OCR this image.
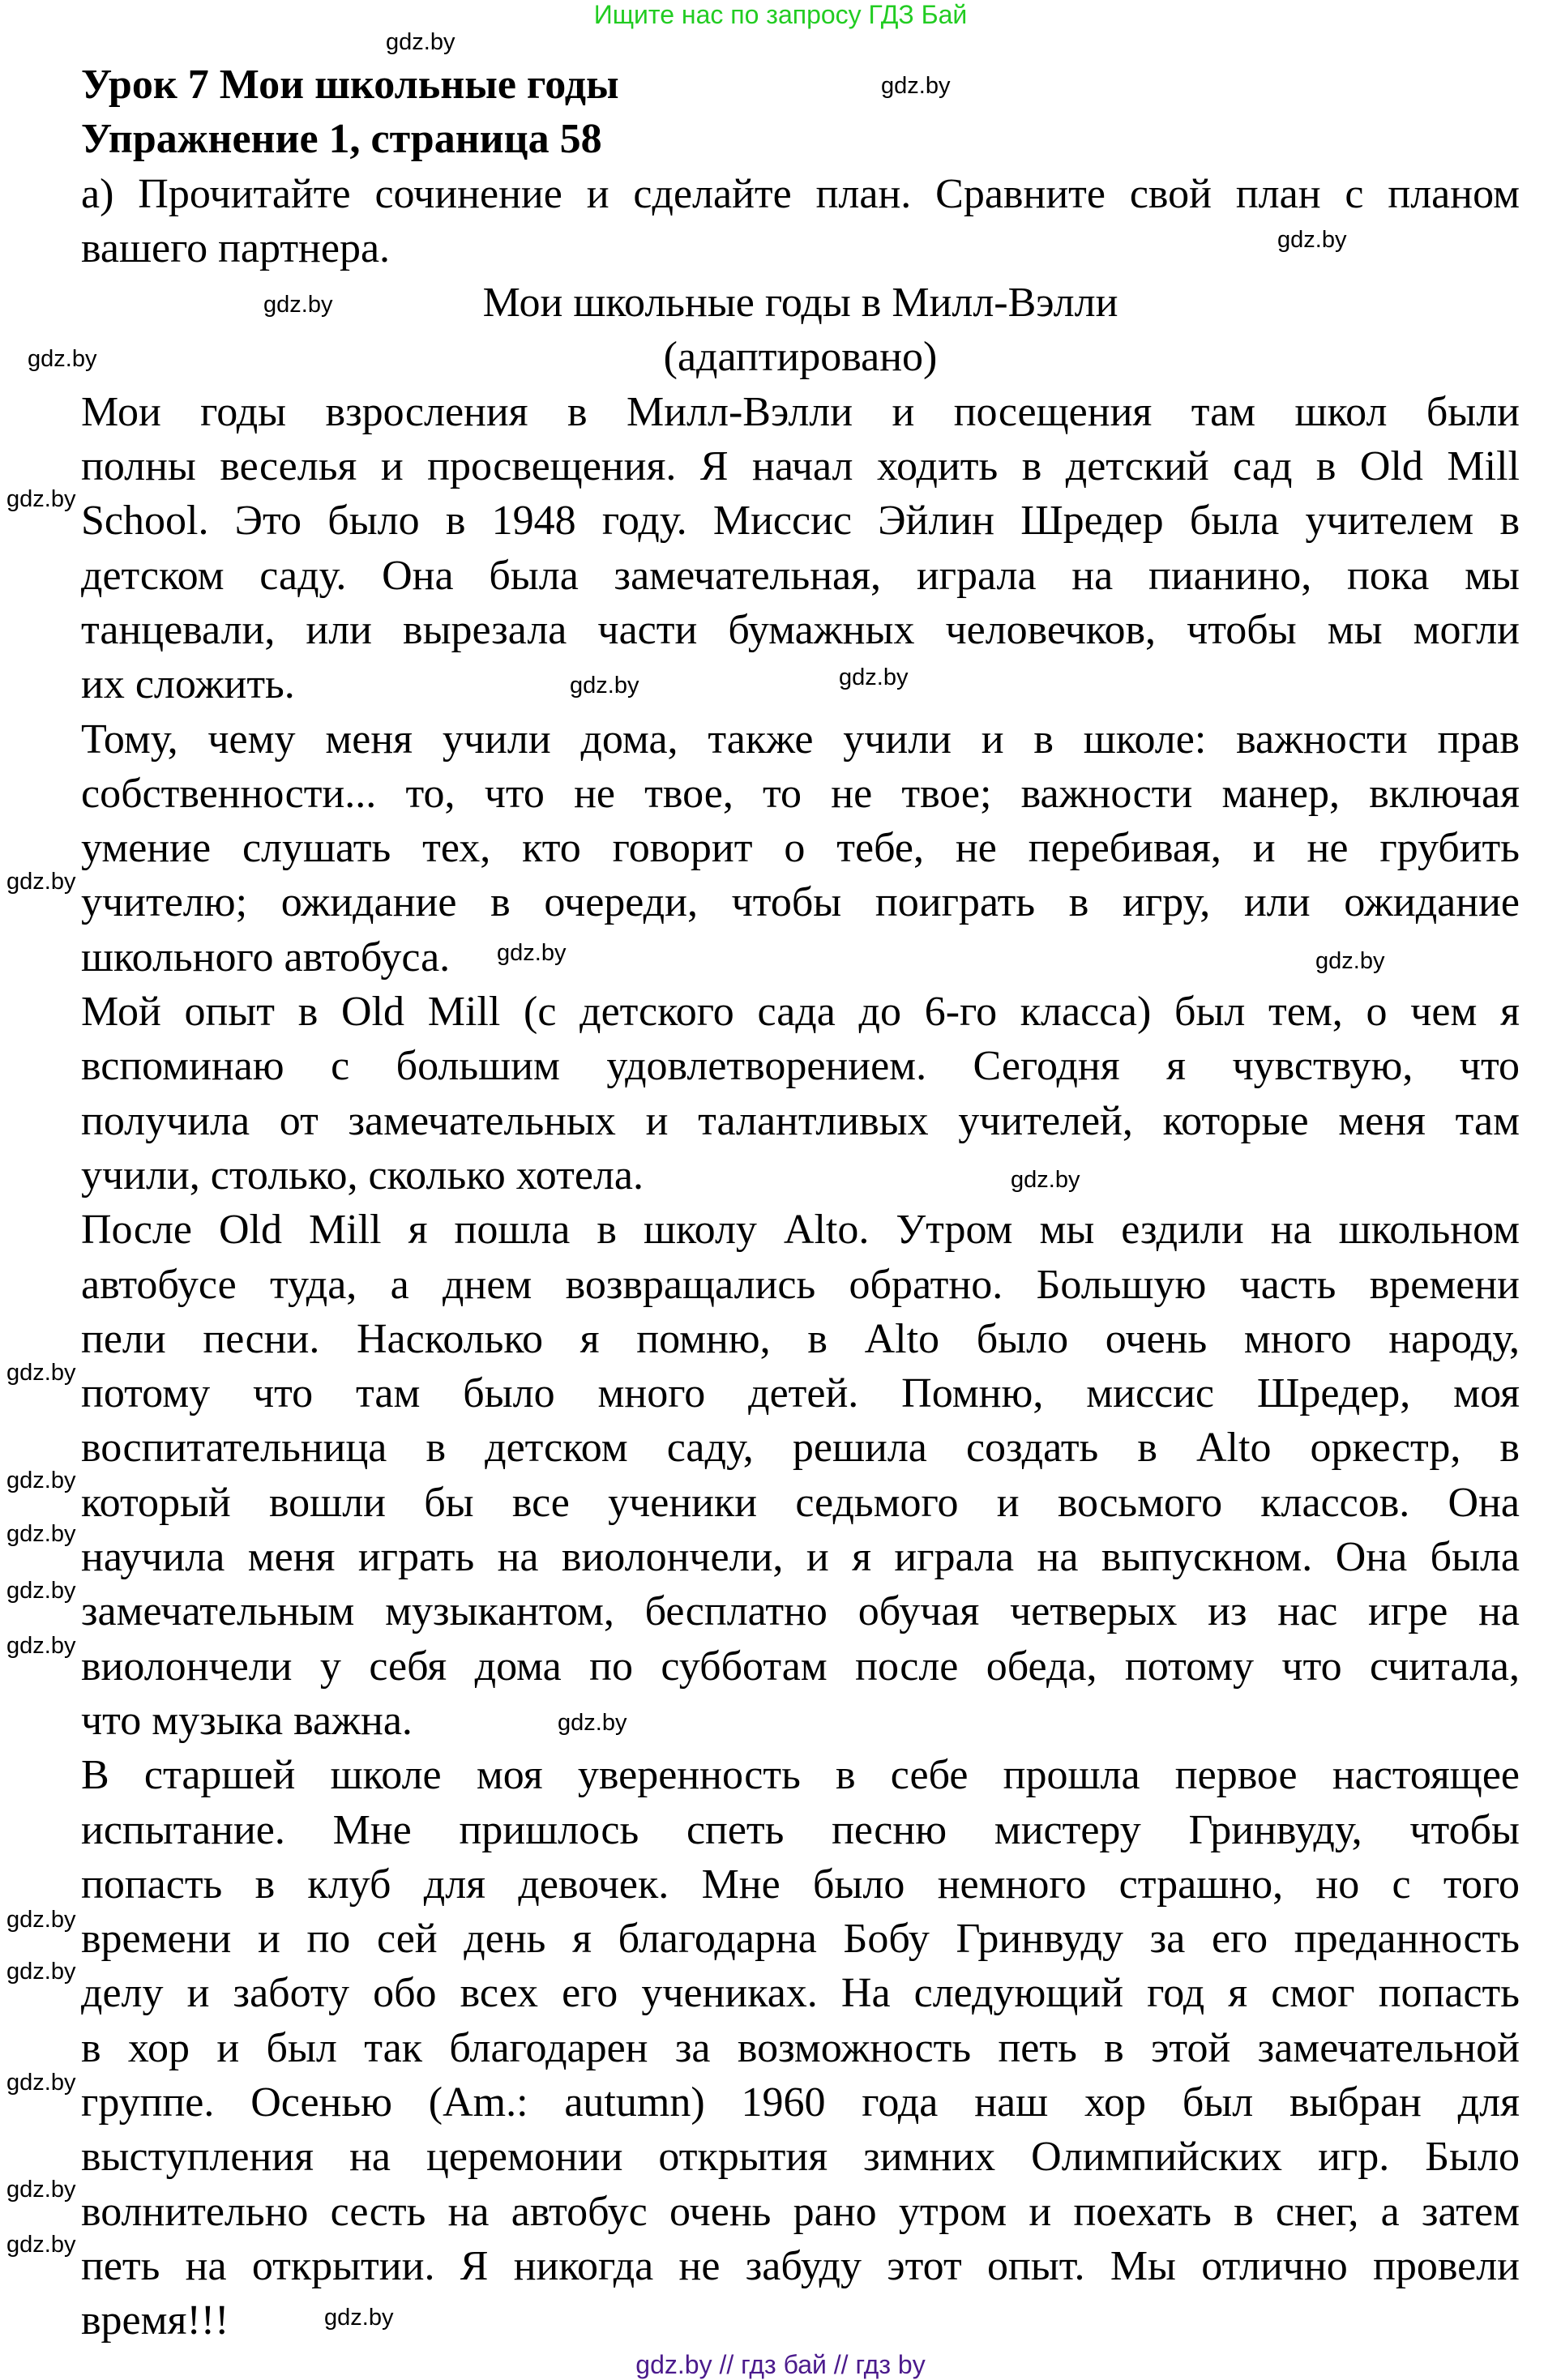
Ищите нас по запросу ГДЗ Бай
Урок 7 Мои школьные годы
Упражнение 1, страница 58
а) Прочитайте сочинение и сделайте план. Сравните свой план с планом
вашего партнера.
Мои школьные годы в Милл-Вэлли
(адаптировано)
Мои годы взросления в Милл-Вэлли и посещения там школ были
полны веселья и просвещения. Я начал ходить в детский сад в Old Mill
School. Это было в 1948 году. Миссис Эйлин Шредер была учителем в
детском саду. Она была замечательная, играла на пианино, пока мы
танцевали, или вырезала части бумажных человечков, чтобы мы могли
их сложить.
Тому, чему меня учили дома, также учили и в школе: важности прав
собственности... то, что не твое, то не твое; важности манер, включая
умение слушать тех, кто говорит о тебе, не перебивая, и не грубить
учителю; ожидание в очереди, чтобы поиграть в игру, или ожидание
школьного автобуса.
Мой опыт в Old Mill (с детского сада до 6-го класса) был тем, о чем я
вспоминаю с большим удовлетворением. Сегодня я чувствую, что
получила от замечательных и талантливых учителей, которые меня там
учили, столько, сколько хотела.
После Old Mill я пошла в школу Alto. Утром мы ездили на школьном
автобусе туда, а днем возвращались обратно. Большую часть времени
пели песни. Насколько я помню, в Alto было очень много народу,
потому что там было много детей. Помню, миссис Шредер, моя
воспитательница в детском саду, решила создать в Alto оркестр, в
который вошли бы все ученики седьмого и восьмого классов. Она
научила меня играть на виолончели, и я играла на выпускном. Она была
замечательным музыкантом, бесплатно обучая четверых из нас игре на
виолончели у себя дома по субботам после обеда, потому что считала,
что музыка важна.
В старшей школе моя уверенность в себе прошла первое настоящее
испытание. Мне пришлось спеть песню мистеру Гринвуду, чтобы
попасть в клуб для девочек. Мне было немного страшно, но с того
времени и по сей день я благодарна Бобу Гринвуду за его преданность
делу и заботу обо всех его учениках. На следующий год я смог попасть
в хор и был так благодарен за возможность петь в этой замечательной
группе. Осенью (Am.: autumn) 1960 года наш хор был выбран для
выступления на церемонии открытия зимних Олимпийских игр. Было
волнительно сесть на автобус очень рано утром и поехать в снег, а затем
петь на открытии. Я никогда не забуду этот опыт. Мы отлично провели
время!!!
gdz.by
gdz.by
gdz.by
gdz.by
gdz.by
gdz.by
gdz.by
gdz.by
gdz.by
gdz.by	gdz.by
gdz.by
gdz.by
gdz.by
gdz.by
gdz.by
gdz.by
gdz.by
gdz.by
gdz.by
gdz.by
gdz.by
gdz.by
gdz.by
gdz.by // гдз бай // гдз by
